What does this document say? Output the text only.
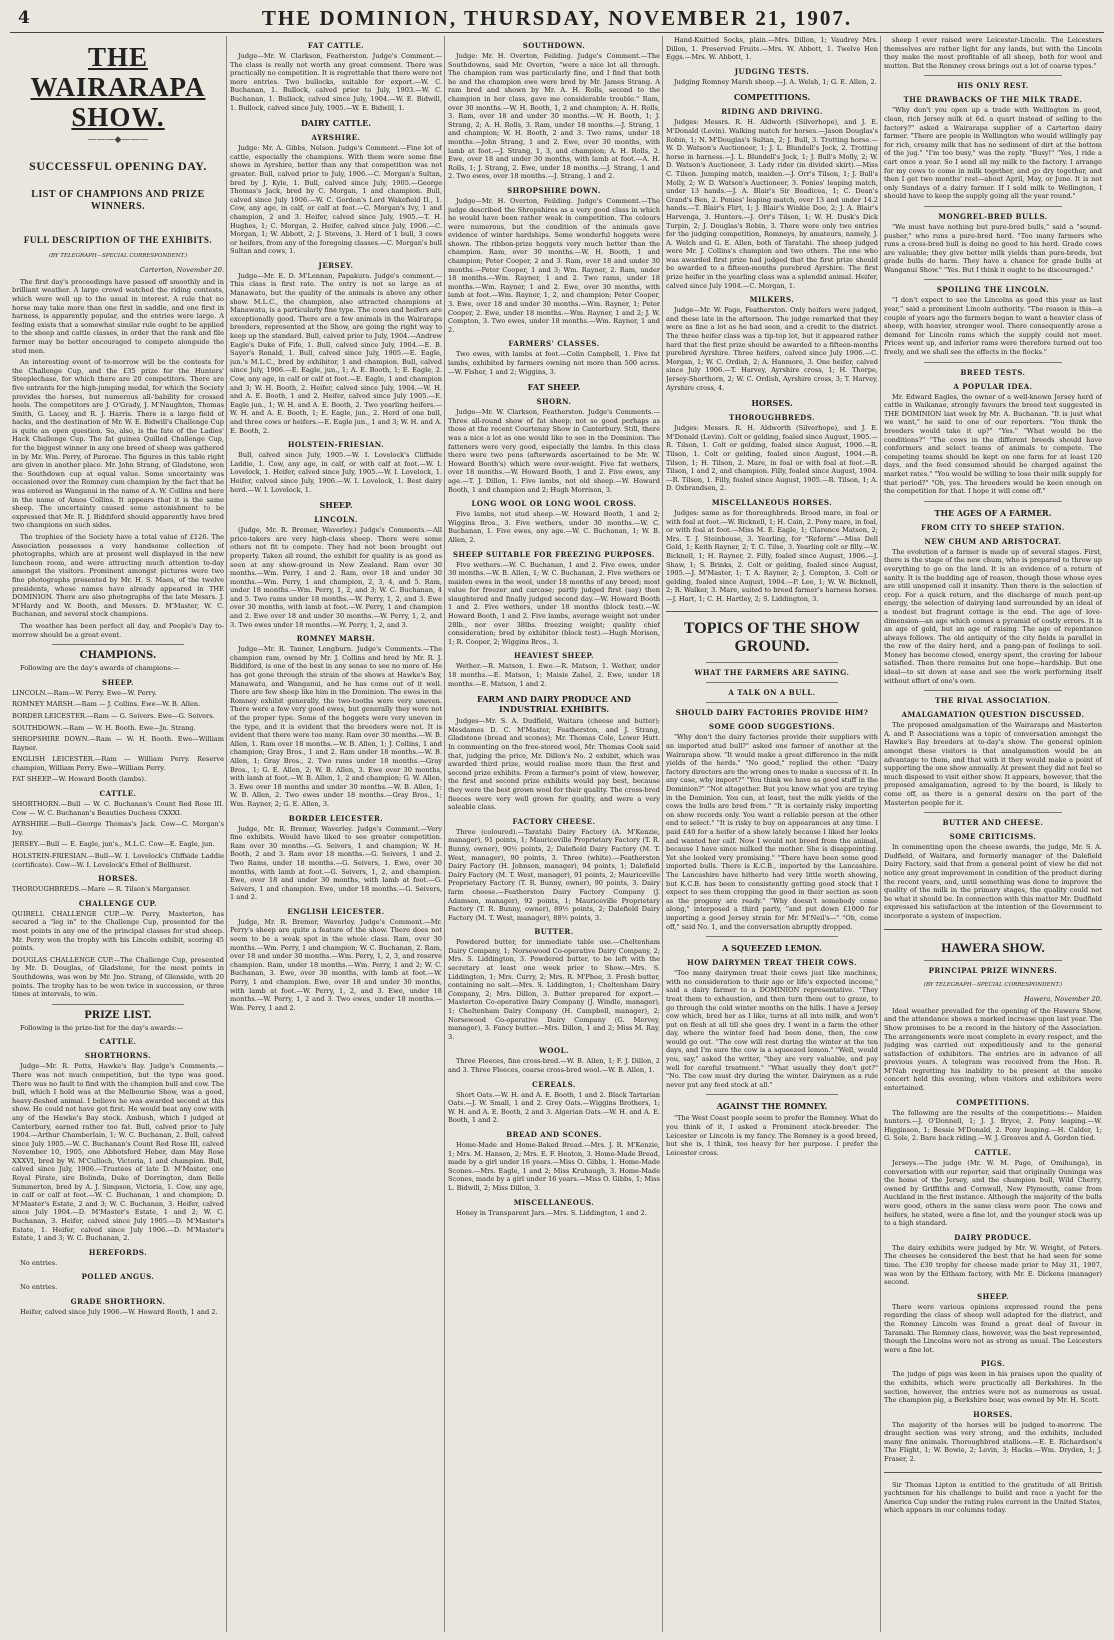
4	THE DOMINION, THURSDAY, NOVEMBER 21, 1907.
THE WAIRARAPA SHOW.
———◆———
SUCCESSFUL OPENING DAY.
LIST OF CHAMPIONS AND PRIZE WINNERS.
FULL DESCRIPTION OF THE EXHIBITS.
(BY TELEGRAPH—SPECIAL CORRESPONDENT.)

Carterton, November 20.

The first day's proceedings have passed off smoothly and in brilliant weather. A large crowd watched the riding contests, which were well up to the usual in interest. A rule that no horse may take more than one first in saddle, and one first in harness, is apparently popular, and the entries were large. A feeling exists that a somewhat similar rule ought to be applied to the sheep and cattle classes, in order that the rank and file farmer may be better encouraged to compete alongside the stud men.

An interesting event of to-morrow will be the contests for the Challenge Cup, and the £35 prize for the Hunters' Steeplechase, for which there are 20 competitors. There are five entrants for the high-jumping medal, for which the Society provides the horses, but numerous all-'bability for crossed heels. The competitors are J. O'Grady, J. M'Naughton, Thomas Smith, G. Lacey, and R. J. Harris. There is a large field of hacks, and the destination of Mr. W. E. Bidwill's Challenge Cup is quite an open question. So, also, is the fate of the Ladies' Hack Challenge Cup. The fat guinea Quilled Challenge Cup, for the biggest winner in any one breed of sheep was gathered in by Mr. Wm. Perry, of Parorae. The figures in this table right are given in another place. Mr. John Strang, of Gladstone, won the Southdown cup at equal value. Some uncertainty was occasioned over the Romney cum champion by the fact that he was entered as Wanganui in the name of A. W. Collins and here in the name of Amos Collins. It appears that it is the same sheep. The uncertainty caused some astonishment to be expressed that Mr. R. J. Biddiford should apparently have bred two champions on such sides.

The trophies of the Society have a total value of £126. The Association possesses a very handsome collection of photographs, which are at present well displayed in the new luncheon room, and were attracting much attention to-day amongst the visitors. Prominent amongst pictures were two fine photographs presented by Mr. H. S. Maes, of the twelve presidents, whose names have already appeared in THE DOMINION. There are also photographs of the late Messrs. J. M'Hardy and W. Booth, and Messrs. D. M'Master, W. C. Buchanan, and several stock champions.

The weather has been perfect all day, and People's Day to-morrow should be a great event.

CHAMPIONS.

Following are the day's awards of champions:—

SHEEP.

LINCOLN.—Ram—W. Perry. Ewe—W. Perry.

ROMNEY MARSH.—Ram — J. Collins. Ewe—W. B. Allen.

BORDER LEICESTER.—Ram — G. Seivers. Ewe—G. Seivers.

SOUTHDOWN.—Ram — W. H. Booth. Ewe—Jn. Strang.

SHROPSHIRE DOWN.—Ram — W. H. Booth. Ewe—William Rayner.

ENGLISH LEICESTER.—Ram — William Perry. Reserve champion, William Perry. Ewe—William Perry.

FAT SHEEP.—W. Howard Booth (lambs).

CATTLE.

SHORTHORN.—Bull — W. C. Buchanan's Count Red Rose III. Cow — W. C. Buchanan's Beauties Duchess CXXXI.

AYRSHIRE.—Bull—George Thomas's Jack. Cow—C. Morgan's Ivy.

JERSEY.—Bull — E. Eagle, jun's., M.L.C. Cow—E. Eagle, jun.

HOLSTEIN-FRIESIAN.—Bull—W. I. Lovelock's Cliffside Laddie (certificate). Cow—W. I. Lovelock's Ethel of Bellhurst.

HORSES.

THOROUGHBREDS.—Mare — R. Tilson's Marganser.

CHALLENGE CUP.

QUIRELL CHALLENGE CUP.—W. Perry, Masterton, has secured a "leg in" to the Challenge Cup, presented for the most points in any one of the principal classes for stud sheep. Mr. Perry won the trophy with his Lincoln exhibit, scoring 45 points.

DOUGLAS CHALLENGE CUP.—The Challenge Cup, presented by Mr. D. Douglas, of Gladstone, for the most points in Southdowns, was won by Mr. Jno. Strang, of Glenside, with 20 points. The trophy has to be won twice in succession, or three times at intervals, to win.

PRIZE LIST.

Following is the prize-list for the day's awards:—

CATTLE.
SHORTHORNS.

Judge—Mr. R. Potts, Hawke's Bay. Judge's Comments.—There was not much competition, but the type was good. There was no fault to find with the champion bull and cow. The bull, which I hold was at the Melbourne Show, was a good, heavy-fleshed animal. I believe he was awarded second at this show. He could not have got first. He would beat any cow with any of the Hawke's Bay stock. Ambush, which I judged at Canterbury, earned rather too fat. Bull, calved prior to July 1904.—Arthur Chamberlain, 1; W. C. Buchanan, 2. Bull, calved since July 1905.—W. C. Buchanan's Count Red Rose III, calved November 10, 1905, one Abbotsford Heber, dam May Rose XXXVI, bred by W. M'Culloch, Victoria, 1 and champion. Bull, calved since July, 1906.—Trustees of late D. M'Master, one Royal Pirate, sire Bolinda, Duke of Dorrington, dam Belle Summerton, bred by A. J. Simpson, Victoria, 1. Cow, any age, in calf or calf at foot.—W. C. Buchanan, 1 and champion; D. M'Master's Estate, 2 and 3; W. C. Buchanan, 3. Heifer, calved since July 1904.—D. M'Master's Estate, 1 and 2; W. C. Buchanan, 3. Heifer, calved since July 1905.—D. M'Master's Estate, 1. Heifer, calved since July 1906.—D. M'Master's Estate, 1 and 3; W. C. Buchanan, 2.

HEREFORDS.

No entries.

POLLED ANGUS.

No entries.

GRADE SHORTHORN.

Heifer, calved since July 1906.—W. Howard Booth, 1 and 2.

FAT CATTLE.

Judge—Mr. W. Clarkson, Featherston. Judge's Comment.—The class is really not worth any great comment. There was practically no competition. It is regrettable that there were not more entries. Two bullocks, suitable for export.—W. C. Buchanan, 1. Bullock, calved prior to July, 1903.—W. C. Buchanan, 1. Bullock, calved since July, 1904.—W. E. Bidwill, 1. Bullock, calved since July, 1905.—W. E. Bidwill, 1.

DAIRY CATTLE.
AYRSHIRE.

Judge: Mr. A. Gibbs, Nelson. Judge's Comment.—Fine lot of cattle, especially the champions. With them were some fine shows in Ayrshire, better than any that competition was not greater. Bull, calved prior to July, 1906.—C. Morgan's Sultan, bred by J. Kyle, 1. Bull, calved since July, 1905.—George Thomas's Jack, bred by C. Morgan, 1 and champion. Bull, calved since July 1906.—W. C. Gordon's Lord Wakefield II., 1. Cow, any age, in calf, or calf at foot.—C. Morgan's Ivy, 1 and champion, 2 and 3. Heifer, calved since July, 1905.—T. H. Hughes, 1; C. Morgan, 2. Heifer, calved since July, 1906.—C. Morgan, 1; W. Abbott, 2; J. Stevens, 3. Herd of 1 bull, 3 cows or heifers, from any of the foregoing classes.—C. Morgan's bull Sultan and cows, 1.

JERSEY.

Judge—Mr. E. D. M'Lennan, Papakura. Judge's comment.—This class is first rate. The entry is not so large as at Manawatu, but the quality of the animals is above any other show. M.L.C., the champion, also attracted champions at Manawatu, is a particularly fine type. The cows and heifers are exceptionally good. There are a few animals in the Wairarapa breeders, represented at the Show, are going the right way to keep up the standard. Bull, calved prior to July, 1904.—Andrew Eagle's Duke of Fife, 1. Bull, calved since July, 1904.—E. B. Sayer's Ronald, 1. Bull, calved since July, 1905.—E. Eagle, jun.'s M.L.C., bred by exhibitor, 1 and champion. Bull, calved since July, 1906.—E. Eagle, jun., 1; A. E. Booth, 1; E. Eagle, 2. Cow, any age, in calf or calf at foot.—E. Eagle, 1 and champion and 3; W. H. Booth, 2. Heifer, calved since July, 1904.—W. H. and A. E. Booth, 1 and 2. Heifer, calved since July 1905.—E. Eagle jun., 1; W. H. and A. E. Booth, 2. Two yearling heifers.—W. H. and A. E. Booth, 1; E. Eagle, jun., 2. Herd of one bull, and three cows or heifers.—E. Eagle jun., 1 and 3; W. H. and A. E. Booth, 2.

HOLSTEIN-FRIESIAN.

Bull, calved since July, 1905.—W. I. Lovelock's Cliffside Laddie, 1. Cow, any age, in calf, or with calf at foot.—W. I. Lovelock, 1. Heifer, calved since July, 1905.—W. I. Lovelock, 1. Heifer, calved since July, 1906.—W. I. Lovelock, 1. Best dairy herd.—W. I. Lovelock, 1.

SHEEP.
LINCOLN.

(Judge, Mr. R. Bremer, Waverley.) Judge's Comments.—All price-takers are very high-class sheep. There were some others not fit to compete. They had not been brought out properly. Taken all round, the exhibit for quality is as good as seen at any show-ground in New Zealand. Ram over 30 months.—Wm. Perry, 1 and 2. Ram, over 18 and under 30 months.—Wm. Perry, 1 and champion, 2, 3, 4, and 5. Ram, under 18 months.—Wm. Perry, 1, 2, and 3; W. C. Buchanan, 4 and 5. Two rams under 18 months.—W. Perry, 1, 2, and 3. Ewe over 30 months, with lamb at foot.—W. Perry, 1 and champion and 2. Ewe over 18 and under 30 months.—W. Perry, 1, 2, and 3. Two ewes under 18 months.—W. Perry, 1, 2, and 3.

ROMNEY MARSH.

Judge—Mr. R. Tanner, Longburn. Judge's Comments.—The champion ram, owned by Mr. J. Collins and bred by Mr. R. J. Biddiford, is one of the best in any sense to see no more of. He has got gone through the strain of the shows at Hawke's Bay, Manawatu, and Wanganui, and he has come out of it well. There are few sheep like him in the Dominion. The ewes in the Romney exhibit generally, the two-tooths were very uneven. There were a few very good ewes, but generally they were not of the proper type. Some of the hoggets were very uneven in the type, and it is evident that the breeders were not. It is evident that there were too many. Ram over 30 months.—W. B. Allen, 1. Ram over 18 months.—W. B. Allen, 1; J. Collins, 1 and champion; Gray Bros., 1 and 2. Ram under 18 months.—W. B. Allen, 1; Gray Bros., 2. Two rams under 18 months.—Gray Bros., 1; G. E. Allen, 2; W. B. Allen, 3. Ewe over 30 months, with lamb at foot.—W. B. Allen, 1, 2 and champion; G. W. Allen, 3. Ewe over 18 months and under 30 months.—W. B. Allen, 1; W. B. Allen, 2. Two ewes under 18 months.—Gray Bros., 1; Wm. Rayner, 2; G. E. Allen, 3.

BORDER LEICESTER.

Judge, Mr. R. Bremer, Waverley. Judge's Comment.—Very fine exhibits. Would have liked to see greater competition. Ram over 30 months.—G. Seivers, 1 and champion; W. H. Booth, 2 and 3. Ram over 18 months.—G. Seivers, 1 and 2. Two Rams, under 18 months.—G. Seivers, 1. Ewe, over 30 months, with lamb at foot.—G. Seivers, 1, 2, and champion. Ewe, over 18 and under 30 months, with lamb at foot.—G. Seivers, 1 and champion. Ewe, under 18 months.—G. Seivers, 1 and 2.

ENGLISH LEICESTER.

Judge, Mr. R. Bremer, Waverley. Judge's Comment.—Mr. Perry's sheep are quite a feature of the show. There does not seem to be a weak spot in the whole class. Ram, over 30 months.—Wm. Perry, 1 and champion; W. C. Buchanan, 2. Ram, over 18 and under 30 months.—Wm. Perry, 1, 2, 3, and reserve champion. Ram, under 18 months.—Wm. Perry, 1 and 2; W. C. Buchanan, 3. Ewe, over 30 months, with lamb at foot.—W. Perry, 1 and champion. Ewe, over 18 and under 30 months, with lamb at foot.—W. Perry, 1, 2, and 3. Ewe, under 18 months.—W. Perry, 1, 2 and 3. Two ewes, under 18 months.—Wm. Perry, 1 and 2.

SOUTHDOWN.

Judge: Mr. H. Overton, Feilding. Judge's Comment.—The Southdowns, said Mr. Overton, "were a nice lot all through. The champion ram was particularly fine, and I find that both he and the champion ewe were bred by Mr. James Strang. A ram bred and shown by Mr. A. H. Rolls, second to the champion in her class, gave me considerable trouble." Ram, over 30 months.—W. H. Booth, 1, 2 and champion; A. H. Rolls, 3. Ram, over 18 and under 30 months.—W. H. Booth, 1; J. Strang, 2; A. H. Rolls, 3. Ram, under 18 months.—J. Strang, 1 and champion; W. H. Booth, 2 and 3. Two rams, under 18 months.—John Strang, 1 and 2. Ewe, over 30 months, with lamb at foot.—J. Strang, 1, 3, and champion; A. H. Rolls, 2. Ewe, over 18 and under 30 months, with lamb at foot.—A. H. Rolls, 1; J. Strang, 2. Ewe, under 18 months.—J. Strang, 1 and 2. Two ewes, over 18 months.—J. Strang, 1 and 2.

SHROPSHIRE DOWN.

Judge—Mr. H. Overton, Feilding. Judge's Comment.—The judge described the Shropshires as a very good class in which he would have been rather weak in competition. The colours were numerous, but the condition of the animals gave evidence of winter hardships. Some wonderful hoggets were shown. The ribbon-prize hoggets very much better than the champion. Ram, over 30 months.—W. H. Booth, 1 and champion; Peter Cooper, 2 and 3. Ram, over 18 and under 30 months.—Peter Cooper, 1 and 3; Wm. Rayner, 2. Ram, under 18 months.—Wm. Rayner, 1 and 2. Two rams, under 18 months.—Wm. Rayner, 1 and 2. Ewe, over 30 months, with lamb at foot.—Wm. Rayner, 1, 2, and champion; Peter Cooper, 3. Ewe, over 18 and under 30 months.—Wm. Rayner, 1; Peter Cooper, 2. Ewe, under 18 months.—Wm. Rayner, 1 and 2; J. W. Compton, 3. Two ewes, under 18 months.—Wm. Rayner, 1 and 2.

FARMERS' CLASSES.

Two ewes, with lambs at foot.—Colin Campbell, 1. Five fat lambs, exhibited by farmers owning not more than 500 acres.—W. Fisher, 1 and 2; Wiggins, 3.

FAT SHEEP.
SHORN.

Judge—Mr. W. Clarkson, Featherston. Judge's Comments.—Three all-round show of fat sheep; not so good perhaps as those at the recent Courtenay Show in Canterbury. Still, there was a nice a lot as one would like to see in the Dominion. The fatteners were very good, especially the lambs. In this class there were two pens (afterwards ascertained to be Mr. W. Howard Booth's) which were over-weight. Five fat wethers, over 18 months.—W. Howard Booth, 1 and 2. Five ewes, any age.—T. J. Dillon, 1. Five lambs, not old sheep.—W. Howard Booth, 1 and champion and 2; Hugh Morrison, 3.

LONG WOOL OR LONG WOOL CROSS.

Five lambs, not stud sheep.—W. Howard Booth, 1 and 2; Wiggins Bros., 3. Five wethers, under 30 months.—W. C. Buchanan, 1. Five ewes, any age.—W. C. Buchanan, 1; W. B. Allen, 2.

SHEEP SUITABLE FOR FREEZING PURPOSES.

Five wethers.—W. C. Buchanan, 1 and 2. Five ewes, under 30 months.—W. B. Allen, 1; W. C. Buchanan, 2. Five wethers or maiden ewes in the wool, under 18 months of any breed; most value for freezer and carcase; partly judged first (say) then slaughtered and finally judged second day.—W. Howard Booth 1 and 2. Five wethers, under 18 months (block test).—W. Howard Booth, 1 and 2. Five lambs, average weight not under 28lb., nor over 38lbs. freezing weight; quality chief consideration; bred by exhibitor (block test).—Hugh Morison, 1; R. Cooper, 2; Wiggins Bros., 3.

HEAVIEST SHEEP.

Wether.—R. Matson, 1. Ewe.—R. Matson, 1. Wether, under 18 months.—E. Matson, 1; Maisie Zahel, 2. Ewe, under 18 months.—E. Matson, 1 and 2.

FARM AND DAIRY PRODUCE AND INDUSTRIAL EXHIBITS.

Judges—Mr. S. A. Dudfield, Waitara (cheese and butter); Mesdames D. C. M'Master, Featherston, and J. Strang, Gladstone (bread and scones); Mr. Thomas Cole, Lower Hutt. In commenting on the free-stored wool, Mr. Thomas Cook said that, judging the price, Mr. Dillon's No. 2 exhibit, which was awarded third prize, would realise more than the first and second prize exhibits. From a farmer's point of view, however, the first and second prize exhibits would pay best, because they were the best grown wool for their quality. The cross-bred fleeces were very well grown for quality, and were a very saleable class.

FACTORY CHEESE.

Three (coloured).—Taratahi Dairy Factory (A. M'Kenzie, manager), 91 points, 1; Mauriceville Proprietary Factory (T. R. Bunny, owner), 90½ points, 2; Dalefield Dairy Factory (M. T. West, manager), 90 points, 3. Three (white).—Featherston Dairy Factory (H. Johnson, manager), 94 points, 1; Dalefield Dairy Factory (M. T. West, manager), 91 points, 2; Mauriceville Proprietary Factory (T. R. Bunny, owner), 90 points, 3. Dairy farm cheese.—Featherston Dairy Factory Company (J. Adamson, manager), 92 points, 1; Mauriceville Proprietary Factory (T. R. Bunny, owner), 89½ points, 2; Dalefield Dairy Factory (M. T. West, manager), 88½ points, 3.

BUTTER.

Powdered butter, for immediate table use.—Cheltenham Dairy Company, 1; Norsewood Co-operative Dairy Company, 2; Mrs. S. Liddington, 3. Powdered butter, to be left with the secretary at least one week prior to Show.—Mrs. S. Liddington, 1; Mrs. Curry, 2; Mrs. R. M'Phee, 3. Fresh butter, containing no salt.—Mrs. S. Liddington, 1; Cheltenham Dairy Company, 2; Mrs. Dillon, 3. Butter prepared for export.—Masterton Co-operative Dairy Company (J. Windle, manager), 1; Cheltenham Dairy Company (H. Campbell, manager), 2; Norsewood Co-operative Dairy Company (G. Mervey, manager), 3. Fancy butter.—Mrs. Dillon, 1 and 2; Miss M. Ray, 3.

WOOL.

Three Fleeces, fine cross-bred.—W. B. Allen, 1; F. J. Dillon, 2 and 3. Three Fleeces, coarse cross-bred wool.—W. B. Allen, 1.

CEREALS.

Short Oats.—W. H. and A. E. Booth, 1 and 2. Black Tartarian Oats.—J. W. Small, 1 and 2. Grey Oats.—Wiggins Brothers, 1; W. H. and A. E. Booth, 2 and 3. Algerian Oats.—W. H. and A. E. Booth, 1 and 2.

BREAD AND SCONES.

Home-Made and Home-Baked Bread.—Mrs. J. R. M'Kenzie, 1; Mrs. M. Hansen, 2; Mrs. E. F. Heaton, 3. Home-Made Bread, made by a girl under 16 years.—Miss O. Gibbs, 1. Home-Made Scones.—Mrs. Eagle, 1 and 2; Miss Kruhaugh, 3. Home-Made Scones, made by a girl under 16 years.—Miss O. Gibbs, 1; Miss L. Bidwill, 2; Miss Dillon, 3.

MISCELLANEOUS.

Honey in Transparent Jars.—Mrs. S. Liddington, 1 and 2.

Hand-Knitted Socks, plain.—Mrs. Dillon, 1; Vaudrey Mrs. Dillon, 1. Preserved Fruits.—Mrs. W. Abbott, 1. Twelve Hen Eggs.—Mrs. W. Abbott, 1.

JUDGING TESTS.

Judging Romney Marsh sheep.—J. A. Welsh, 1; G. E. Allen, 2.

COMPETITIONS.
RIDING AND DRIVING.

Judges: Messrs. R. H. Aldworth (Silverhope), and J. E. M'Donald (Levin). Walking match for horses.—Jason Douglas's Robin, 1; N. M'Douglas's Sultan, 2; J. Bull, 3. Trotting horse.—W. D. Watson's Auctioneer, 1; J. L. Blundell's Jock, 2. Trotting horse in harness.—J. L. Blundell's Jock, 1; J. Bull's Molly, 2; W. D. Watson's Auctioneer, 3. Lady rider (in divided skirt).—Miss C. Tilson. Jumping match, maiden.—J. Orr's Tilson, 1; J. Bull's Molly, 2; W. D. Watson's Auctioneer, 3. Ponies' leaping match, under 13 hands.—J. A. Blair's Sir Boadicea, 1; C. Dean's Grand's Ben, 2. Ponies' leaping match, over 13 and under 14.2 hands.—T. Blair's Flirt, 1; J. Blair's Winkie Doo, 2; J. A. Blair's Harvenga, 3. Hunters.—J. Orr's Tilson, 1; W. H. Dusk's Dick Turpin, 2; J. Douglas's Robin, 3. There were only two entries for the judging competition, Romneys, by amateurs, namely, J. A. Welch and G. E. Allen, both of Taratahi. The sheep judged were Mr. J. Collins's champion and two others. The one who was awarded first prize had judged that the first prize should be awarded to a fifteen-months purebred Ayrshire. The first prize heifer in the yearling class was a splendid animal. Heifer, calved since July 1904.—C. Morgan, 1.

MILKERS.

Judge—Mr. W. Page, Featherston. Only heifers were judged, and these late in the afternoon. The judge remarked that they were as fine a lot as he had seen, and a credit to the district. The three heifer class was a tip-top lot, but it appeared rather hard that the first prize should be awarded to a fifteen-months purebred Ayrshire. Three heifers, calved since July 1906.—C. Morgan, 1; W. C. Ordish, 2; A. Hanmore, 3. One heifer, calved since July 1906.—T. Harvey, Ayrshire cross, 1; H. Thorpe, Jersey-Shorthorn, 2; W. C. Ordish, Ayrshire cross, 3; T. Harvey, Ayrshire cross, 4.

HORSES.
THOROUGHBREDS.

Judges: Messrs. R. H. Aldworth (Silverhope), and J. E. M'Donald (Levin). Colt or gelding, foaled since August, 1905.—R. Tilson, 1. Colt or gelding, foaled since August, 1906.—R. Tilson, 1. Colt or gelding, foaled since August, 1904.—R. Tilson, 1; H. Tilson, 2. Mare, in foal or with foal at foot.—R. Tilson, 1 and 2, and champion. Filly, foaled since August, 1904.—R. Tilson, 1. Filly, foaled since August, 1905.—R. Tilson, 1; A. D. Oxbrandsen, 2.

MISCELLANEOUS HORSES.

Judges: same as for thoroughbreds. Brood mare, in foal or with foal at foot.—W. Bicknell, 1; H. Cain, 2. Pony mare, in foal, or with foal at foot.—Miss M. E. Eagle, 1; Clarence Matson, 2; Mrs. T. J. Steinhouse, 3. Yearling, for "Reform".—Miss Dell Gold, 1; Keith Rayner, 2; T. C. Tilse, 3. Yearling colt or filly.—W. Bicknell, 1; H. Rayner, 2. Filly, foaled since August, 1906.—J. Shaw, 1; S. Brinks, 2. Colt or gelding, foaled since August, 1905.—J. M'Master, 1; T. A. Rayner, 2; J. Compton, 3. Colt or gelding, foaled since August, 1904.—P. Lee, 1; W. W. Bicknell, 2; R. Walker, 3. Mare, suited to breed farmer's harness horses.—J. Hart, 1; C. H. Hartley, 2; S. Liddington, 3.

TOPICS OF THE SHOW GROUND.
WHAT THE FARMERS ARE SAYING.
A TALK ON A BULL.
SHOULD DAIRY FACTORIES PROVIDE HIM?
SOME GOOD SUGGESTIONS.

"Why don't the dairy factories provide their suppliers with an imported stud bull?" asked one farmer of another at the Wairarapa show. "It would make a great difference in the milk yields of the herds." "No good," replied the other. "Dairy factory directors are the wrong ones to make a success of it. In any case, why import?" "You think we have as good stuff in the Dominion?" "Not altogether. But you know what you are trying in the Dominion. You can, at least, test the milk yields of the cows the bulls are bred from." "It is certainly risky importing on show records only. You want a reliable person at the other end to select." "It is risky to buy on appearances at any time. I paid £40 for a heifer of a show lately because I liked her looks and wanted her calf. Now I would not breed from the animal, because I have since milked the mother. She is disappointing. Yet she looked very promising." "There have been some good imported bulls. There is K.C.B., imported by the Lancashire. The Lancashire have hitherto had very little worth showing, but K.C.B. has been to consistently getting good stock that I expect to see them cropping the good in their section as soon as the progeny are ready." "Why doesn't somebody come along," interposed a third party, "and put down £1000 for importing a good Jersey strain for Mr. M'Neil's—" "Oh, come off," said No. 1, and the conversation abruptly dropped.

A SQUEEZED LEMON.
HOW DAIRYMEN TREAT THEIR COWS.

"Too many dairymen treat their cows just like machines, with no consideration to their age or life's expected income," said a dairy farmer to a DOMINION representative. "They treat them to exhaustion, and then turn them out to graze, to go through the cold winter months on the hills. I have a Jersey cow which, bred her as I like, turns at all into milk, and won't put on flesh at all till she goes dry. I went in a farm the other day, where the winter feed had been done, then, the cow would go out. "The cow will rest during the winter at the ten days, and I'm sure the cow is a squeezed lemon." "Well, would you, say," asked the writer, "they are very valuable, and pay well for careful treatment." "What usually they don't get?" "No. The cow must dry during the winter. Dairymen as a rule never put any feed stock at all."

AGAINST THE ROMNEY.

"The West Coast people seem to prefer the Romney. What do you think of it, I asked a Prominent stock-breeder. The Leicester or Lincoln is my fancy. The Romney is a good breed, but she is, I think, too heavy for her purpose. I prefer the Leicester cross.

sheep I ever raised were Leicester-Lincoln. The Leicesters themselves are rather light for any lands, but with the Lincoln they make the most profitable of all sheep, both for wool and mutton. But the Romney cross brings out a lot of coarse types."

HIS ONLY REST.
THE DRAWBACKS OF THE MILK TRADE.

"Why don't you open up a trade with Wellington in good, clean, rich Jersey milk at 6d. a quart instead of selling to the factory?" asked a Wairarapa supplier of a Carterton dairy farmer. "There are people in Wellington who would willingly pay for rich, creamy milk that has no sediment of dirt at the bottom of the jug." "I'm too busy," was the reply. "Busy!" "Yes, I ride a cart once a year. So I send all my milk to the factory. I arrange for my cows to come in milk together, and go dry together, and then I get two months' rest—about April, May, or June. It is not only Sundays of a dairy farmer. If I sold milk to Wellington, I should have to keep the supply going all the year round."

MONGREL-BRED BULLS.

"We must have nothing but pure-bred bulls," said a "sound-pusher," who runs a pure-bred herd. "Too many farmers who runs a cross-bred bull is doing no good to his herd. Grade cows are valuable; they give better milk yields than pure-breds, but grade bulls do harm. They have a chance for grade bulls at Wanganui Show." "Yes. But I think it ought to be discouraged."

SPOILING THE LINCOLN.

"I don't expect to see the Lincolns as good this year as last year," said a prominent Lincoln authority. "The reason is this—a couple of years ago the farmers began to want a heavier class of sheep, with heavier, stronger wool. There consequently arose a demand for Lincoln rams which the supply could not meet. Prices went up, and inferior rams were therefore turned out too freely, and we shall see the effects in the flocks."

BREED TESTS.
A POPULAR IDEA.

Mr. Edward Eagles, the owner of a well-known Jersey herd of cattle in Waikanae, strongly favours the breed test suggested in THE DOMINION last week by Mr. A. Buchanan. "It is just what we want," he said to one of our reporters. "You think the breeders would take it up?" "Yes." "What would be the conditions?" "The cows in the different breeds should have conformers and select teams of animals to compete. The competing teams should be kept on one farm for at least 120 days, and the feed consumed should be charged against the market rates." "You would be willing to lose their milk supply for that period?" "Oh, yes. The breeders would be keen enough on the competition for that. I hope it will come off."

THE AGES OF A FARMER.
FROM CITY TO SHEEP STATION.
NEW CHUM AND ARISTOCRAT.

The evolution of a farmer is made up of several stages. First, there is the stage of the new chum, who is prepared to throw up everything to go on the land. It is an evidence of a return of sanity. It is the budding age of reason, though those whose eyes are still unopened call it insanity. Then there is the selection of crop. For a quick return, and the discharge of much pent-up energy, the selection of dairying land surrounded by an ideal of a modest but fragrant cottage is the end. The age of love-dimension—an age which comes a pyramid of costly errors. It is an age of gold, but an age of raising. The age of repentance always follows. The old antiquity of the city fields is parallel in the row of the dairy herd, and a pang-pan of feelings to soil. Money has become closed, energy spent, the craving for labour satisfied. Then there remains but one hope—hardship. But one ideal—to sit down at ease and see the work performing itself without effort of one's own.

THE RIVAL ASSOCIATION.
AMALGAMATION QUESTION DISCUSSED.

The proposed amalgamation of the Wairarapa and Masterton A. and P. Associations was a topic of conversation amongst the Hawke's Bay breeders at to-day's show. The general opinion amongst these visitors is that amalgamation would be an advantage to them, and that with it they would make a point of supporting the one show annually. At present they did not feel so much disposed to visit either show. It appears, however, that the proposed amalgamation, agreed to by the board, is likely to come off, as there is a general desire on the part of the Masterton people for it.

BUTTER AND CHEESE.
SOME CRITICISMS.

In commenting upon the cheese awards, the judge, Mr. S. A. Dudfield, of Waitara, and formerly manager of the Dalefield Dairy Factory, said that from a general point of view he did not notice any great improvement in condition of the product during the recent years, and, until something was done to improve the quality of the milk in the primary stages, the quality could not be what it should be. In connection with this matter Mr. Dudfield expressed his satisfaction at the intention of the Government to incorporate a system of inspection.

HAWERA SHOW.
PRINCIPAL PRIZE WINNERS.
(BY TELEGRAPH—SPECIAL CORRESPONDENT.)

Hawera, November 20.

Ideal weather prevailed for the opening of the Hawera Show, and the attendance shows a marked increase upon last year. The Show promises to be a record in the history of the Association. The arrangements were most complete in every respect, and the judging was carried out expeditiously and to the general satisfaction of exhibitors. The entries are in advance of all previous years. A telegram was received from the Hon. R. M'Nab regretting his inability to be present at the smoke concert held this evening, when visitors and exhibitors were entertained.

COMPETITIONS.

The following are the results of the competitions:— Maiden hunters.—J. O'Donnell, 1; J. J. Bryce, 2. Pony leaping.—W. Higginson, 1; Bessie M'Donald, 2. Pony leaping.—H. Calder, 1; G. Sole, 2. Bare back riding.—W. J. Greaves and A. Gordon tied.

CATTLE.

Jerseys.—The judge (Mr. W. M. Page, of Omihunga), in conversation with our reporter, said that originally Ouninga was the home of the Jersey, and the champion bull, Wild Cherry, owned by Griffiths and Cornwall, New Plymouth, came from Auckland in the first instance. Although the majority of the bulls were good, others in the same class were poor. The cows and heifers, he stated, were a fine lot, and the younger stock was up to a high standard.

DAIRY PRODUCE.

The dairy exhibits were judged by Mr. W. Wright, of Peters. The cheeses he considered the best that he had seen for some time. The £30 trophy for cheese made prior to May 31, 1907, was won by the Eltham factory, with Mr. E. Dickens (manager) second.

SHEEP.

There were various opinions expressed round the pens regarding the class of sheep well adapted for the district, and the Romney Lincoln was found a great deal of favour in Taranaki. The Romney class, however, was the best represented, though the Lincolns were not as strong as usual. The Leicesters were a fine lot.

PIGS.

The judge of pigs was keen in his praises upon the quality of the exhibits, which were practically all Berkshires. In the section, however, the entries were not as numerous as usual. The champion pig, a Berkshire boar, was owned by Mr. H. Scott.

HORSES.

The majority of the horses will be judged to-morrow. The draught section was very strong, and the exhibits, included many fine animals. Thoroughbred stallions.—E. E. Richardson's The Flight, 1; W. Bowie, 2; Levin, 3; Hacks.—Wm. Dryden, 1; J. Fraser, 2.

Sir Thomas Lipton is entitled to the gratitude of all British yachtsmen for his challenge to build and race a yacht for the America Cup under the rating rules current in the United States, which appears in our columns today.
